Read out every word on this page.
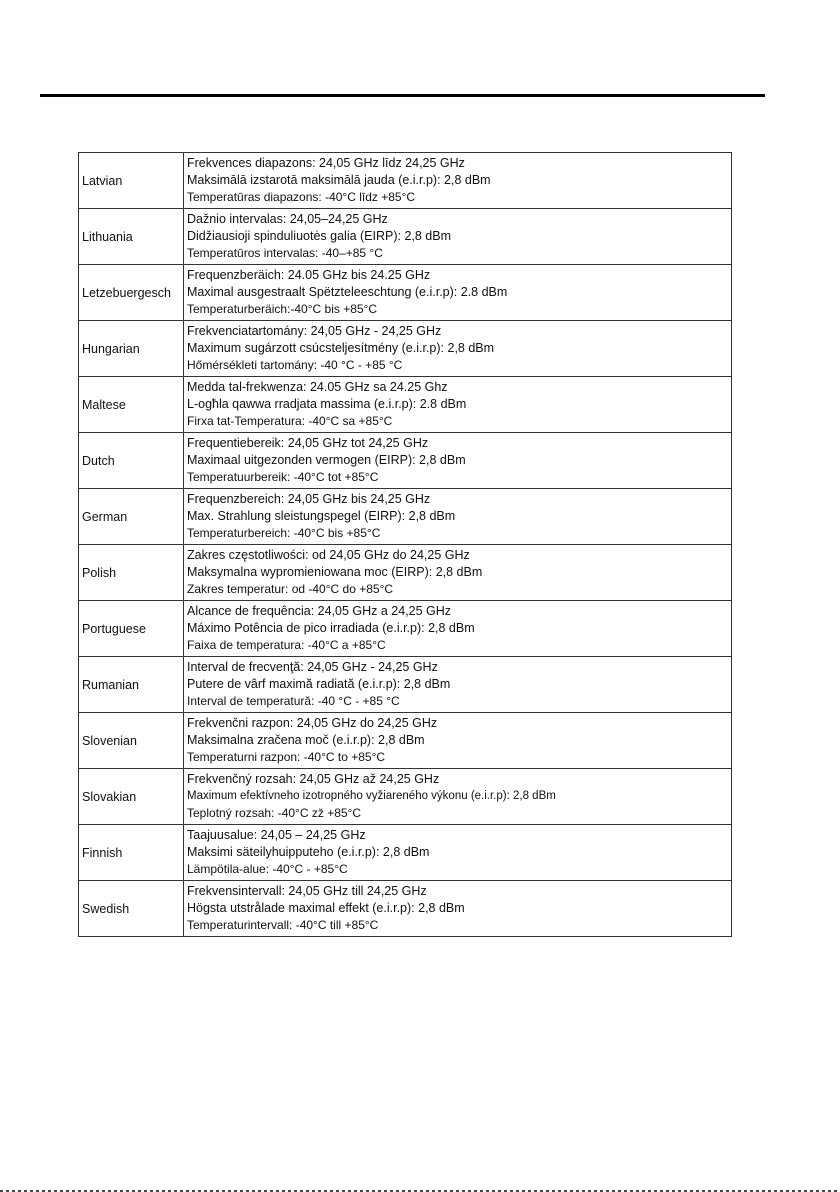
Latvian	Frekvences diapazons: 24,05 GHz līdz 24,25 GHz
Maksimālā izstarotā maksimālā jauda (e.i.r.p): 2,8 dBm
Temperatūras diapazons: -40°C līdz +85°C

Lithuania	Dažnio intervalas: 24,05–24,25 GHz
Didžiausioji spinduliuotės galia (EIRP): 2,8 dBm
Temperatūros intervalas: -40–+85 °C

Letzebuergesch	Frequenzberäich: 24.05 GHz bis 24.25 GHz
Maximal ausgestraalt Spëtzteleeschtung (e.i.r.p): 2.8 dBm
Temperaturberäich:-40°C bis +85°C

Hungarian	Frekvenciatartomány: 24,05 GHz - 24,25 GHz
Maximum sugárzott csúcsteljesítmény (e.i.r.p): 2,8 dBm
Hőmérsékleti tartomány: -40 °C - +85 °C

Maltese	Medda tal-frekwenza: 24.05 GHz sa 24.25 Ghz
L-ogħla qawwa rradjata massima (e.i.r.p): 2.8 dBm
Firxa tat-Temperatura: -40°C sa +85°C

Dutch	Frequentiebereik: 24,05 GHz tot 24,25 GHz
Maximaal uitgezonden vermogen (EIRP): 2,8 dBm
Temperatuurbereik: -40°C tot +85°C

German	Frequenzbereich: 24,05 GHz bis 24,25 GHz
Max. Strahlung sleistungspegel (EIRP): 2,8 dBm
Temperaturbereich: -40°C bis +85°C

Polish	Zakres częstotliwości: od 24,05 GHz do 24,25 GHz
Maksymalna wypromieniowana moc (EIRP): 2,8 dBm
Zakres temperatur: od -40°C do +85°C

Portuguese	Alcance de frequência: 24,05 GHz a 24,25 GHz
Máximo Potência de pico irradiada (e.i.r.p): 2,8 dBm
Faixa de temperatura: -40°C a +85°C

Rumanian	Interval de frecvenţă: 24,05 GHz - 24,25 GHz
Putere de vârf maximă radiată (e.i.r.p): 2,8 dBm
Interval de temperatură: -40 °C - +85 °C

Slovenian	Frekvenčni razpon: 24,05 GHz do 24,25 GHz
Maksimalna zračena moč (e.i.r.p): 2,8 dBm
Temperaturni razpon: -40°C to +85°C

Slovakian	Frekvenčný rozsah: 24,05 GHz až 24,25 GHz
Maximum efektívneho izotropného vyžiareného výkonu (e.i.r.p): 2,8 dBm
Teplotný rozsah: -40°C zž +85°C

Finnish	Taajuusalue: 24,05 – 24,25 GHz
Maksimi säteilyhuipputeho (e.i.r.p): 2,8 dBm
Lämpötila-alue: -40°C - +85°C

Swedish	Frekvensintervall: 24,05 GHz till 24,25 GHz
Högsta utstrålade maximal effekt (e.i.r.p): 2,8 dBm
Temperaturintervall: -40°C till +85°C
